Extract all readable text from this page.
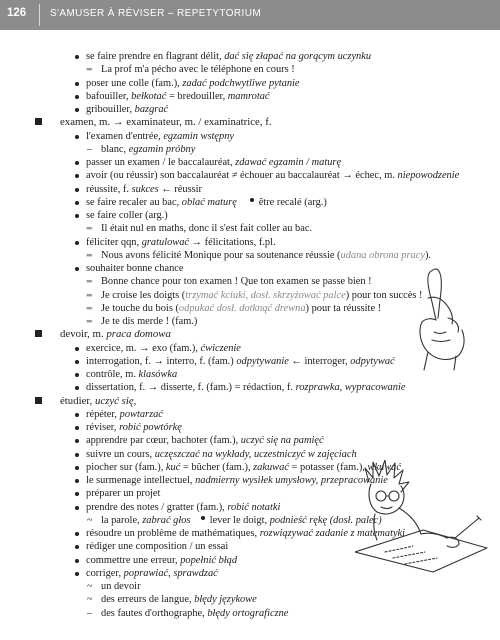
126 S'AMUSER À RÉVISER – REPETYTORIUM
se faire prendre en flagrant délit, dać się złapać na gorącym uczynku
➨ La prof m'a pécho avec le téléphone en cours !
poser une colle (fam.), zadać podchwytliwe pytanie
bafouiller, bełkotać = bredouiller, mamrotać
gribouiller, bazgrać
examen, m. → examinateur, m. / examinatrice, f.
l'examen d'entrée, egzamin wstępny
– blanc, egzamin próbny
passer un examen / le baccalauréat, zdawać egzamin / maturę
avoir (ou réussir) son baccalauréat ≠ échouer au baccalauréat → échec, m. niepowodzenie
réussite, f. sukces ← réussir
se faire recaler au bac, oblać maturę être recalé (arg.)
se faire coller (arg.)
➨ Il était nul en maths, donc il s'est fait coller au bac.
féliciter qqn, gratulować → félicitations, f.pl.
➨ Nous avons félicité Monique pour sa soutenance réussie (udana obrona pracy).
souhaiter bonne chance
➨ Bonne chance pour ton examen ! Que ton examen se passe bien !
➨ Je croise les doigts (trzymać kciuki, dosł. skrzyżować palce) pour ton succès !
➨ Je touche du bois (odpukać dosł. dotknąć drewna) pour ta réussite !
➨ Je te dis merde ! (fam.)
devoir, m. praca domowa
exercice, m. → exo (fam.), ćwiczenie
interrogation, f. → interro, f. (fam.) odpytywanie ← interroger, odpytywać
contrôle, m. klasówka
dissertation, f. → disserte, f. (fam.) = rédaction, f. rozprawka, wypracowanie
étudier, uczyć się,
répéter, powtarzać
réviser, robić powtórkę
apprendre par cœur, bachoter (fam.), uczyć się na pamięć
suivre un cours, uczęszczać na wykłady, uczestniczyć w zajęciach
piocher sur (fam.), kuć = bûcher (fam.), zakuwać = potasser (fam.), wkuwać
le surmenage intellectuel, nadmierny wysiłek umysłowy, przepracowanie
préparer un projet
prendre des notes / gratter (fam.), robić notatki
~ la parole, zabrać głos lever le doigt, podnieść rękę (dosł. palec)
résoudre un problème de mathématiques, rozwiązywać zadanie z matematyki
rédiger une composition / un essai
commettre une erreur, popełnić błąd
corriger, poprawiać, sprawdzać
~ un devoir
~ des erreurs de langue, błędy językowe
– des fautes d'orthographe, błędy ortograficzne
